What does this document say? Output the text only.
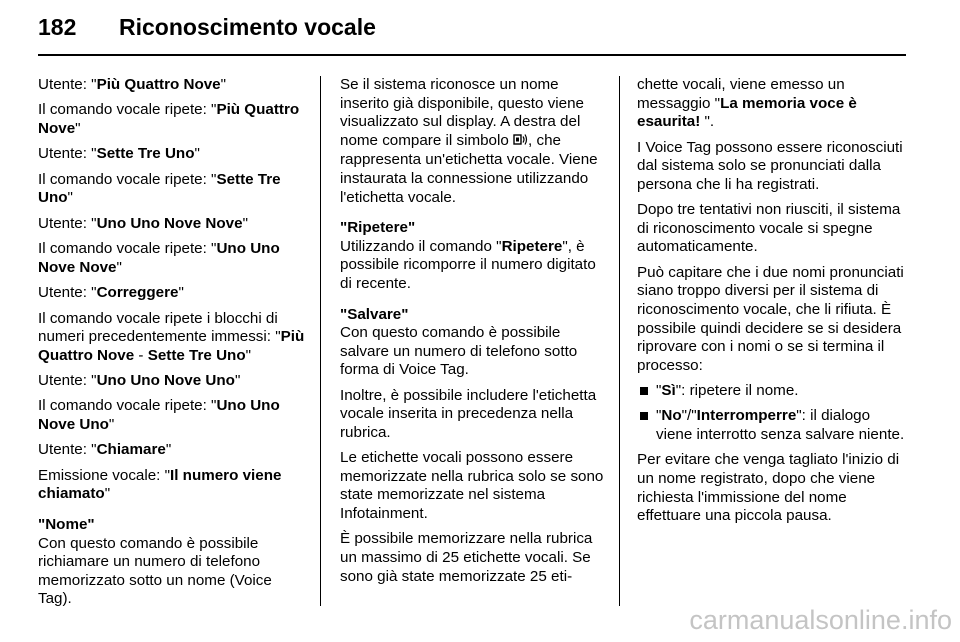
182 Riconoscimento vocale

Utente: "Più Quattro Nove"

Il comando vocale ripete: "Più Quattro Nove"

Utente: "Sette Tre Uno"

Il comando vocale ripete: "Sette Tre Uno"

Utente: "Uno Uno Nove Nove"

Il comando vocale ripete: "Uno Uno Nove Nove"

Utente: "Correggere"

Il comando vocale ripete i blocchi di numeri precedentemente immessi: "Più Quattro Nove - Sette Tre Uno"

Utente: "Uno Uno Nove Uno"

Il comando vocale ripete: "Uno Uno Nove Uno"

Utente: "Chiamare"

Emissione vocale: "Il numero viene chiamato"

"Nome"

Con questo comando è possibile richiamare un numero di telefono memorizzato sotto un nome (Voice Tag).

Se il sistema riconosce un nome inserito già disponibile, questo viene visualizzato sul display. A destra del nome compare il simbolo , che rappresenta un'etichetta vocale. Viene instaurata la connessione utilizzando l'etichetta vocale.

"Ripetere"

Utilizzando il comando "Ripetere", è possibile ricomporre il numero digitato di recente.

"Salvare"

Con questo comando è possibile salvare un numero di telefono sotto forma di Voice Tag.

Inoltre, è possibile includere l'etichetta vocale inserita in precedenza nella rubrica.

Le etichette vocali possono essere memorizzate nella rubrica solo se sono state memorizzate nel sistema Infotainment.

È possibile memorizzare nella rubrica un massimo di 25 etichette vocali. Se sono già state memorizzate 25 eti-

chette vocali, viene emesso un messaggio "La memoria voce è esaurita! ".

I Voice Tag possono essere riconosciuti dal sistema solo se pronunciati dalla persona che li ha registrati.

Dopo tre tentativi non riusciti, il sistema di riconoscimento vocale si spegne automaticamente.

Può capitare che i due nomi pronunciati siano troppo diversi per il sistema di riconoscimento vocale, che li rifiuta. È possibile quindi decidere se si desidera riprovare con i nomi o se si termina il processo:

"Sì": ripetere il nome.
"No"/"Interromperre": il dialogo viene interrotto senza salvare niente.

Per evitare che venga tagliato l'inizio di un nome registrato, dopo che viene richiesta l'immissione del nome effettuare una piccola pausa.

carmanualsonline.info
